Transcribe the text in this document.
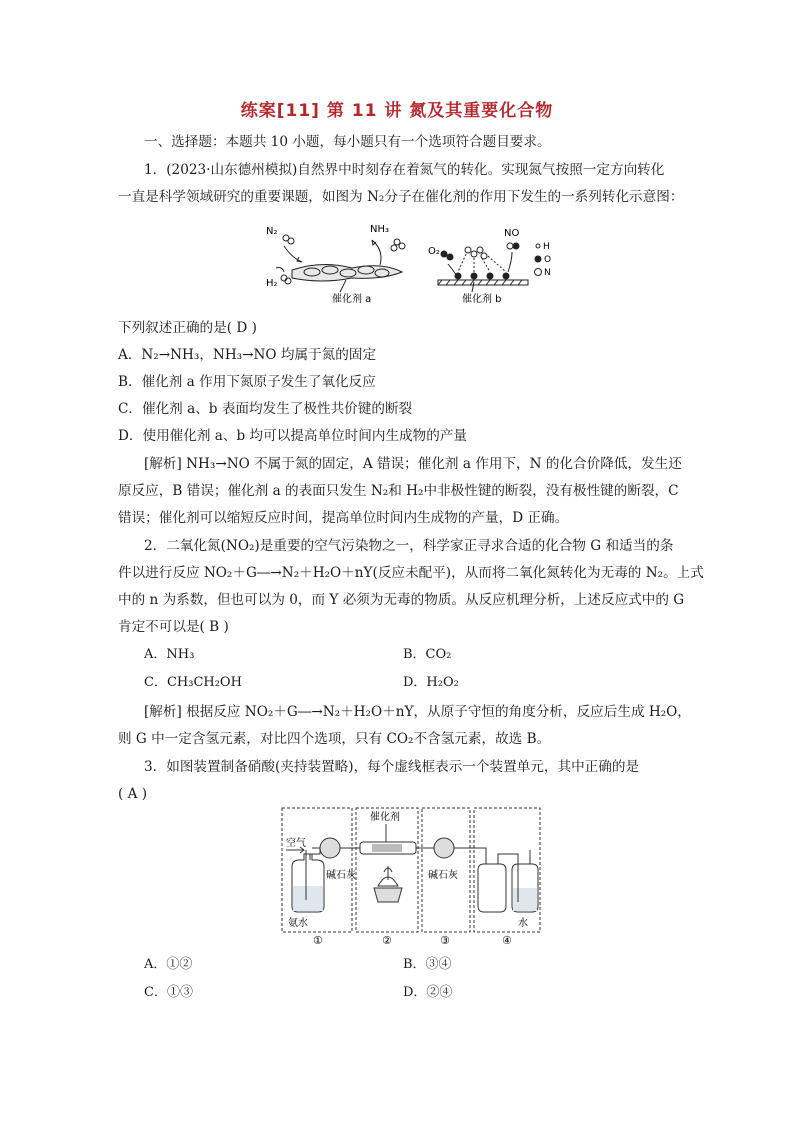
练案[11] 第 11 讲 氮及其重要化合物
一、选择题：本题共 10 小题，每小题只有一个选项符合题目要求。
1．(2023·山东德州模拟)自然界中时刻存在着氮气的转化。实现氮气按照一定方向转化
一直是科学领域研究的重要课题，如图为 N₂分子在催化剂的作用下发生的一系列转化示意图：
N₂	NH₃
H₂
催化剂 a
O₂
NO
催化剂 b
H
O
N
下列叙述正确的是( D )
A．N₂→NH₃，NH₃→NO 均属于氮的固定
B．催化剂 a 作用下氮原子发生了氧化反应
C．催化剂 a、b 表面均发生了极性共价键的断裂
D．使用催化剂 a、b 均可以提高单位时间内生成物的产量
[解析] NH₃→NO 不属于氮的固定，A 错误；催化剂 a 作用下，N 的化合价降低，发生还
原反应，B 错误；催化剂 a 的表面只发生 N₂和 H₂中非极性键的断裂，没有极性键的断裂，C
错误；催化剂可以缩短反应时间，提高单位时间内生成物的产量，D 正确。
2．二氧化氮(NO₂)是重要的空气污染物之一，科学家正寻求合适的化合物 G 和适当的条
件以进行反应 NO₂＋G―→N₂＋H₂O＋nY(反应未配平)，从而将二氧化氮转化为无毒的 N₂。上式
中的 n 为系数，但也可以为 0，而 Y 必须为无毒的物质。从反应机理分析，上述反应式中的 G
肯定不可以是( B )
A．NH₃	B．CO₂
C．CH₃CH₂OH	D．H₂O₂
[解析] 根据反应 NO₂＋G―→N₂＋H₂O＋nY，从原子守恒的角度分析，反应后生成 H₂O，
则 G 中一定含氢元素，对比四个选项，只有 CO₂不含氢元素，故选 B。
3．如图装置制备硝酸(夹持装置略)，每个虚线框表示一个装置单元，其中正确的是
( A )
空气
氨水
碱石灰
催化剂
碱石灰
水
①	②	③	④
A．①②	B．③④
C．①③	D．②④
